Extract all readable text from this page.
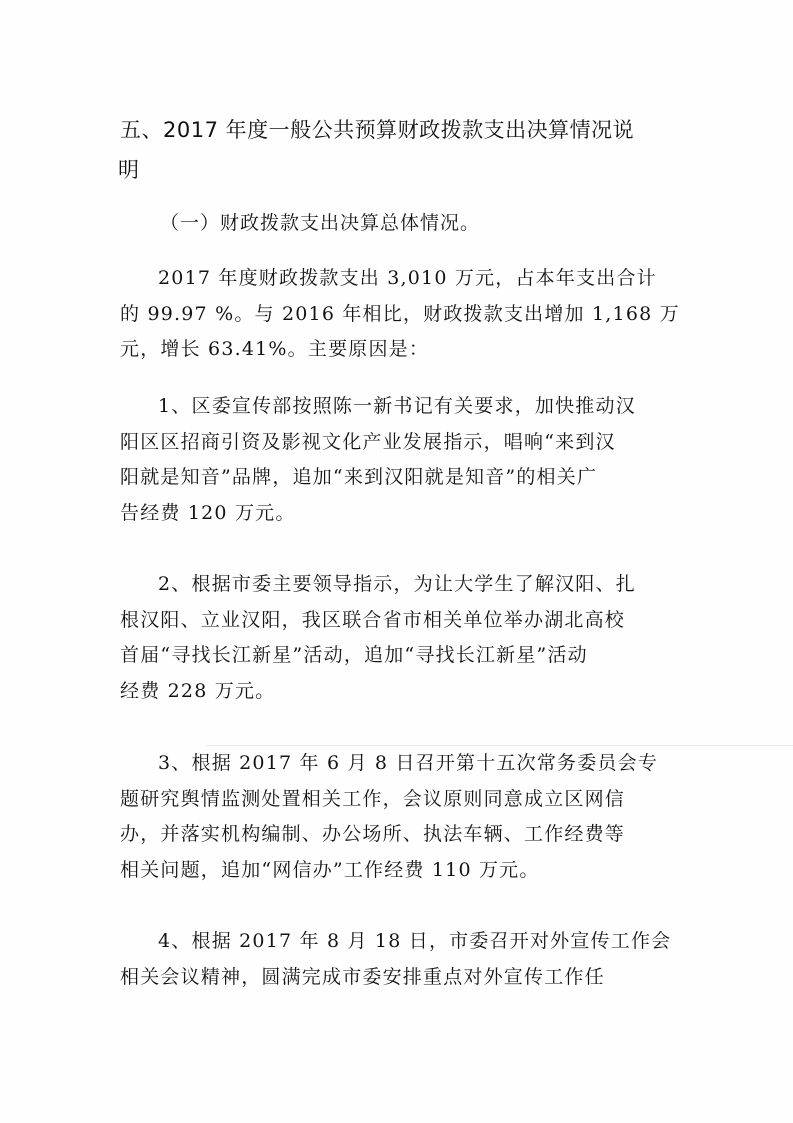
五、2017 年度一般公共预算财政拨款支出决算情况说
明
（一）财政拨款支出决算总体情况。
2017 年度财政拨款支出 3,010 万元，占本年支出合计
的 99.97 %。与 2016 年相比，财政拨款支出增加 1,168 万
元，增长 63.41%。主要原因是：
1、区委宣传部按照陈一新书记有关要求，加快推动汉
阳区区招商引资及影视文化产业发展指示，唱响“来到汉
阳就是知音”品牌，追加“来到汉阳就是知音”的相关广
告经费 120 万元。
2、根据市委主要领导指示，为让大学生了解汉阳、扎
根汉阳、立业汉阳，我区联合省市相关单位举办湖北高校
首届“寻找长江新星”活动，追加“寻找长江新星”活动
经费 228 万元。
3、根据 2017 年 6 月 8 日召开第十五次常务委员会专
题研究舆情监测处置相关工作，会议原则同意成立区网信
办，并落实机构编制、办公场所、执法车辆、工作经费等
相关问题，追加“网信办”工作经费 110 万元。
4、根据 2017 年 8 月 18 日，市委召开对外宣传工作会
相关会议精神，圆满完成市委安排重点对外宣传工作任
